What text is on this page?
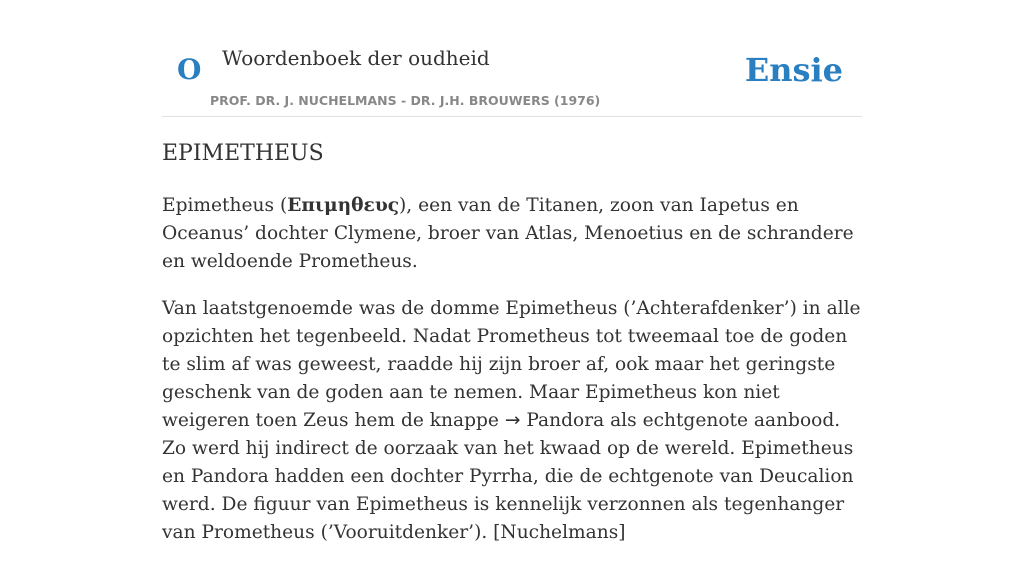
O Woordenboek der oudheid	Ensie
PROF. DR. J. NUCHELMANS - DR. J.H. BROUWERS (1976)
EPIMETHEUS

Epimetheus (Επιμηθευς), een van de Titanen, zoon van Iapetus en Oceanus’ dochter Clymene, broer van Atlas, Menoetius en de schrandere en weldoende Prometheus.

Van laatstgenoemde was de domme Epimetheus (’Achterafdenker’) in alle opzichten het tegenbeeld. Nadat Prometheus tot tweemaal toe de goden te slim af was geweest, raadde hij zijn broer af, ook maar het geringste geschenk van de goden aan te nemen. Maar Epimetheus kon niet weigeren toen Zeus hem de knappe → Pandora als echtgenote aanbood. Zo werd hij indirect de oorzaak van het kwaad op de wereld. Epimetheus en Pandora hadden een dochter Pyrrha, die de echtgenote van Deucalion werd. De figuur van Epimetheus is kennelijk verzonnen als tegenhanger van Prometheus (’Vooruitdenker’). [Nuchelmans]
